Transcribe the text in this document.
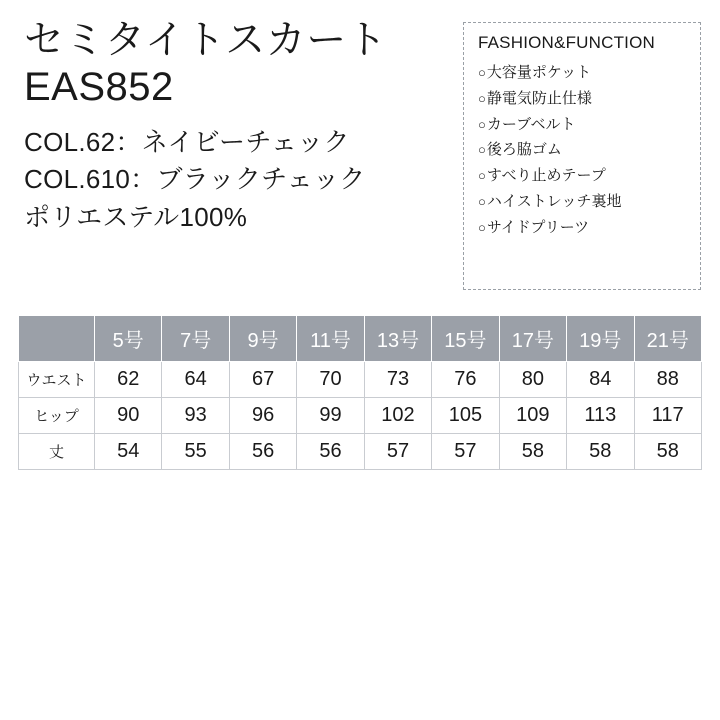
セミタイトスカート
EAS852
COL.62：ネイビーチェック
COL.610：ブラックチェック
ポリエステル100%
FASHION&FUNCTION
○大容量ポケット
○静電気防止仕様
○カーブベルト
○後ろ脇ゴム
○すべり止めテープ
○ハイストレッチ裏地
○サイドプリーツ
	5号	7号	9号	11号	13号	15号	17号	19号	21号
ウエスト	62	64	67	70	73	76	80	84	88
ヒップ	90	93	96	99	102	105	109	113	117
丈	54	55	56	56	57	57	58	58	58
